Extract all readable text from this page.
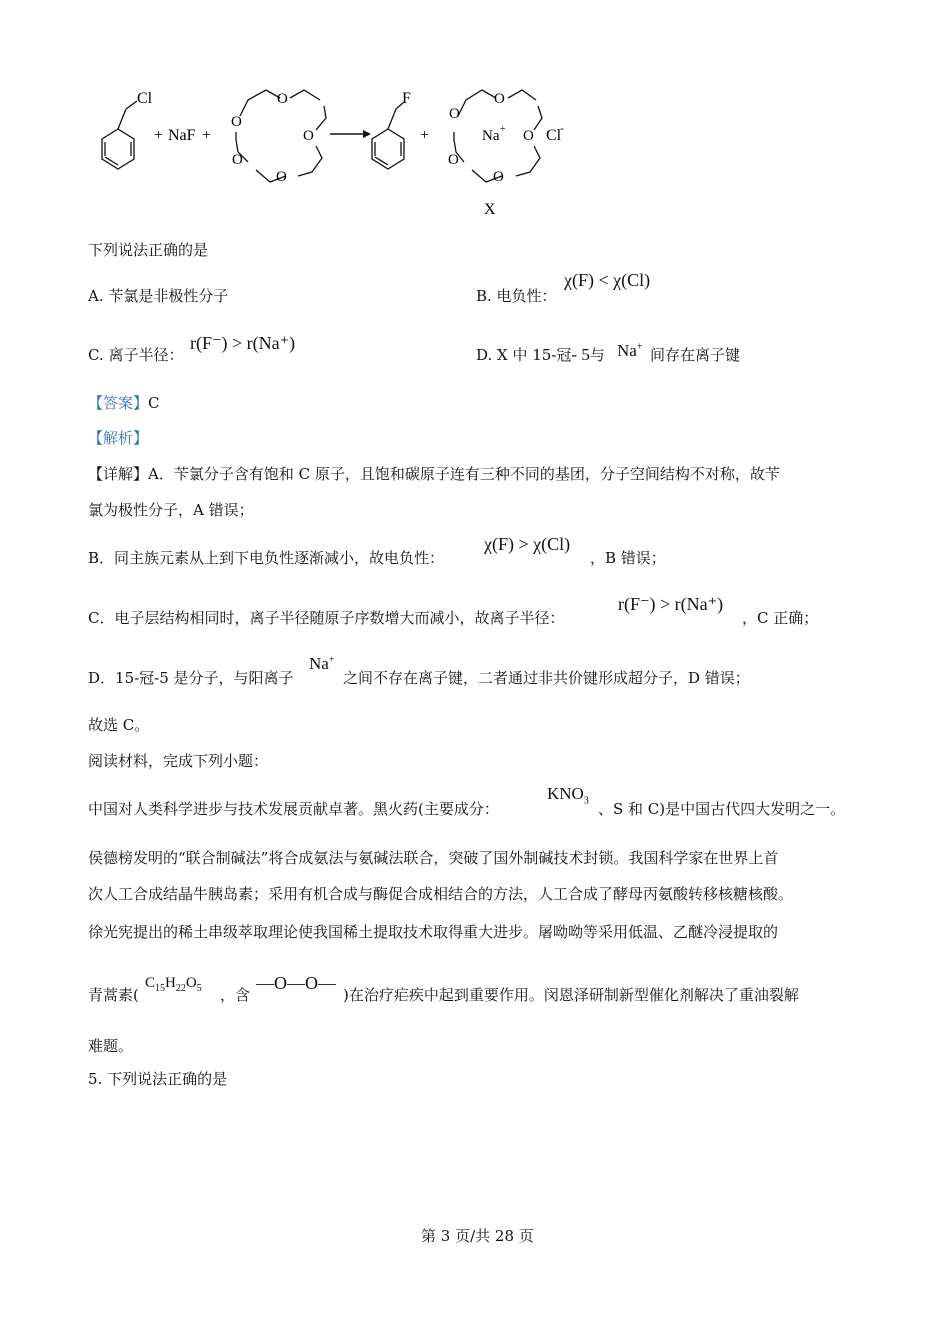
Cl
+ NaF +
O
O
O
O
O
F
+
O
O
O
O
O
Na +	Cl
-
X
下列说法正确的是
A. 苄氯是非极性分子	B. 电负性：
χ(F) < χ(Cl)
C. 离子半径：
r(F⁻) > r(Na⁺)
D. X 中 15-冠- 5与 Na+ 间存在离子键
【答案】C
【解析】
【详解】A．苄氯分子含有饱和 C 原子，且饱和碳原子连有三种不同的基团，分子空间结构不对称，故苄
氯为极性分子，A 错误；
B．同主族元素从上到下电负性逐渐减小，故电负性：
χ(F) > χ(Cl)
，B 错误；
C．电子层结构相同时，离子半径随原子序数增大而减小，故离子半径：
r(F⁻) > r(Na⁺)
，C 正确；
D．15-冠-5 是分子，与阳离子
Na+
之间不存在离子键，二者通过非共价键形成超分子，D 错误；
故选 C。
阅读材料，完成下列小题：
中国对人类科学进步与技术发展贡献卓著。黑火药(主要成分：
$KNO_3$ 、S 和 C)是中国古代四大发明之一。
侯德榜发明的“联合制碱法”将合成氨法与氨碱法联合，突破了国外制碱技术封锁。我国科学家在世界上首
次人工合成结晶牛胰岛素；采用有机合成与酶促合成相结合的方法，人工合成了酵母丙氨酸转移核糖核酸。
徐光宪提出的稀土串级萃取理论使我国稀土提取技术取得重大进步。屠呦呦等采用低温、乙醚冷浸提取的
青蒿素(
$C_{15}H_{22}O_5$ ，含
—O—O—
)在治疗疟疾中起到重要作用。闵恩泽研制新型催化剂解决了重油裂解
难题。
5. 下列说法正确的是
第 3 页/共 28 页
